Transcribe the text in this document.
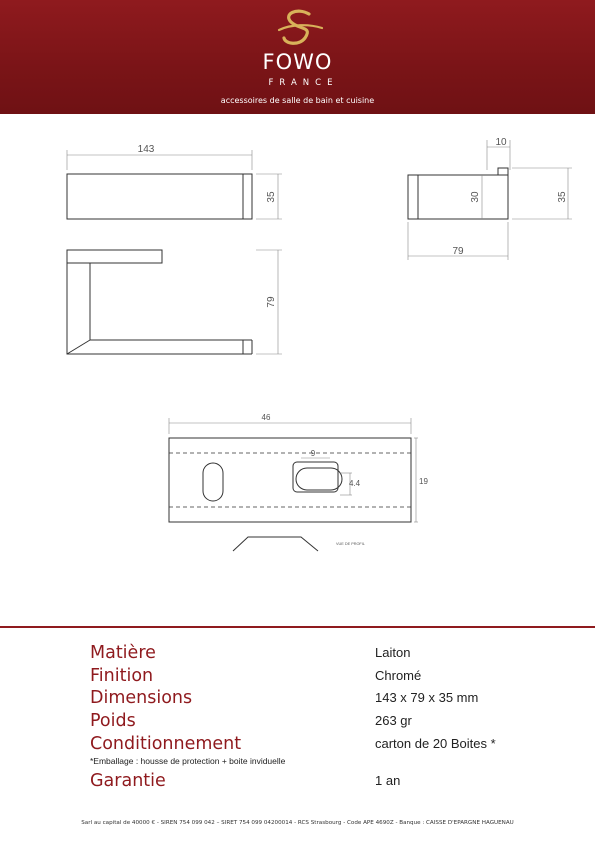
FOWO
FRANCE
accessoires de salle de bain et cuisine
143
35
79
10
30	35
79
46
19
9
4.4
VUE DE PROFIL
Matière	Laiton
Finition	Chromé
Dimensions	143 x 79 x 35 mm
Poids	263 gr
Conditionnement	carton de 20 Boites *
*Emballage : housse de protection + boite inviduelle
Garantie	1 an
Sarl au capital de 40000 € - SIREN 754 099 042 – SIRET 754 099 04200014 - RCS Strasbourg - Code APE 4690Z - Banque : CAISSE D'EPARGNE HAGUENAU
